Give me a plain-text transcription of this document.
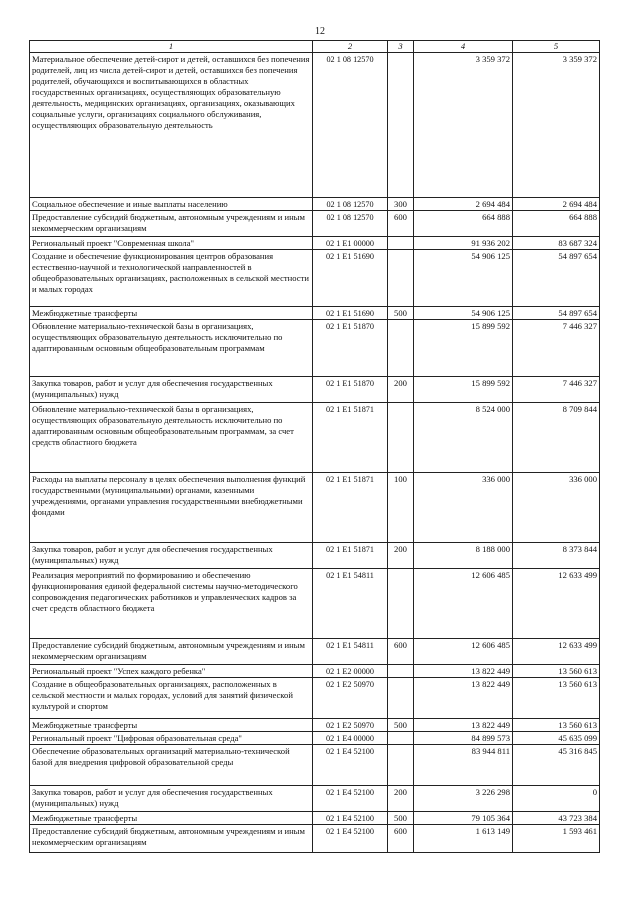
12
1	2	3	4	5
Материальное обеспечение детей-сирот и детей, оставшихся без попечения родителей, лиц из числа детей-сирот и детей, оставшихся без попечения родителей, обучающихся и воспитывающихся в областных государственных организациях, осуществляющих образовательную деятельность, медицинских организациях, организациях, оказывающих социальные услуги, организациях социального обслуживания, осуществляющих образовательную деятельность	02 1 08 12570		3 359 372	3 359 372
Социальное обеспечение и иные выплаты населению	02 1 08 12570	300	2 694 484	2 694 484
Предоставление субсидий бюджетным, автономным учреждениям и иным некоммерческим организациям	02 1 08 12570	600	664 888	664 888
Региональный проект "Современная школа"	02 1 Е1 00000		91 936 202	83 687 324
Создание и обеспечение функционирования центров образования естественно-научной и технологической направленностей в общеобразовательных организациях, расположенных в сельской местности и малых городах	02 1 Е1 51690		54 906 125	54 897 654
Межбюджетные трансферты	02 1 Е1 51690	500	54 906 125	54 897 654
Обновление материально-технической базы в организациях, осуществляющих образовательную деятельность исключительно по адаптированным основным общеобразовательным программам	02 1 Е1 51870		15 899 592	7 446 327
Закупка товаров, работ и услуг для обеспечения государственных (муниципальных) нужд	02 1 Е1 51870	200	15 899 592	7 446 327
Обновление материально-технической базы в организациях, осуществляющих образовательную деятельность исключительно по адаптированным основным общеобразовательным программам, за счет средств областного бюджета	02 1 Е1 51871		8 524 000	8 709 844
Расходы на выплаты персоналу в целях обеспечения выполнения функций государственными (муниципальными) органами, казенными учреждениями, органами управления государственными внебюджетными фондами	02 1 Е1 51871	100	336 000	336 000
Закупка товаров, работ и услуг для обеспечения государственных (муниципальных) нужд	02 1 Е1 51871	200	8 188 000	8 373 844
Реализация мероприятий по формированию и обеспечению функционирования единой федеральной системы научно-методического сопровождения педагогических работников и управленческих кадров за счет средств областного бюджета	02 1 Е1 54811		12 606 485	12 633 499
Предоставление субсидий бюджетным, автономным учреждениям и иным некоммерческим организациям	02 1 Е1 54811	600	12 606 485	12 633 499
Региональный проект "Успех каждого ребенка"	02 1 Е2 00000		13 822 449	13 560 613
Создание в общеобразовательных организациях, расположенных в сельской местности и малых городах, условий для занятий физической культурой и спортом	02 1 Е2 50970		13 822 449	13 560 613
Межбюджетные трансферты	02 1 Е2 50970	500	13 822 449	13 560 613
Региональный проект "Цифровая образовательная среда"	02 1 Е4 00000		84 899 573	45 635 099
Обеспечение образовательных организаций материально-технической базой для внедрения цифровой образовательной среды	02 1 Е4 52100		83 944 811	45 316 845
Закупка товаров, работ и услуг для обеспечения государственных (муниципальных) нужд	02 1 Е4 52100	200	3 226 298	0
Межбюджетные трансферты	02 1 Е4 52100	500	79 105 364	43 723 384
Предоставление субсидий бюджетным, автономным учреждениям и иным некоммерческим организациям	02 1 Е4 52100	600	1 613 149	1 593 461
